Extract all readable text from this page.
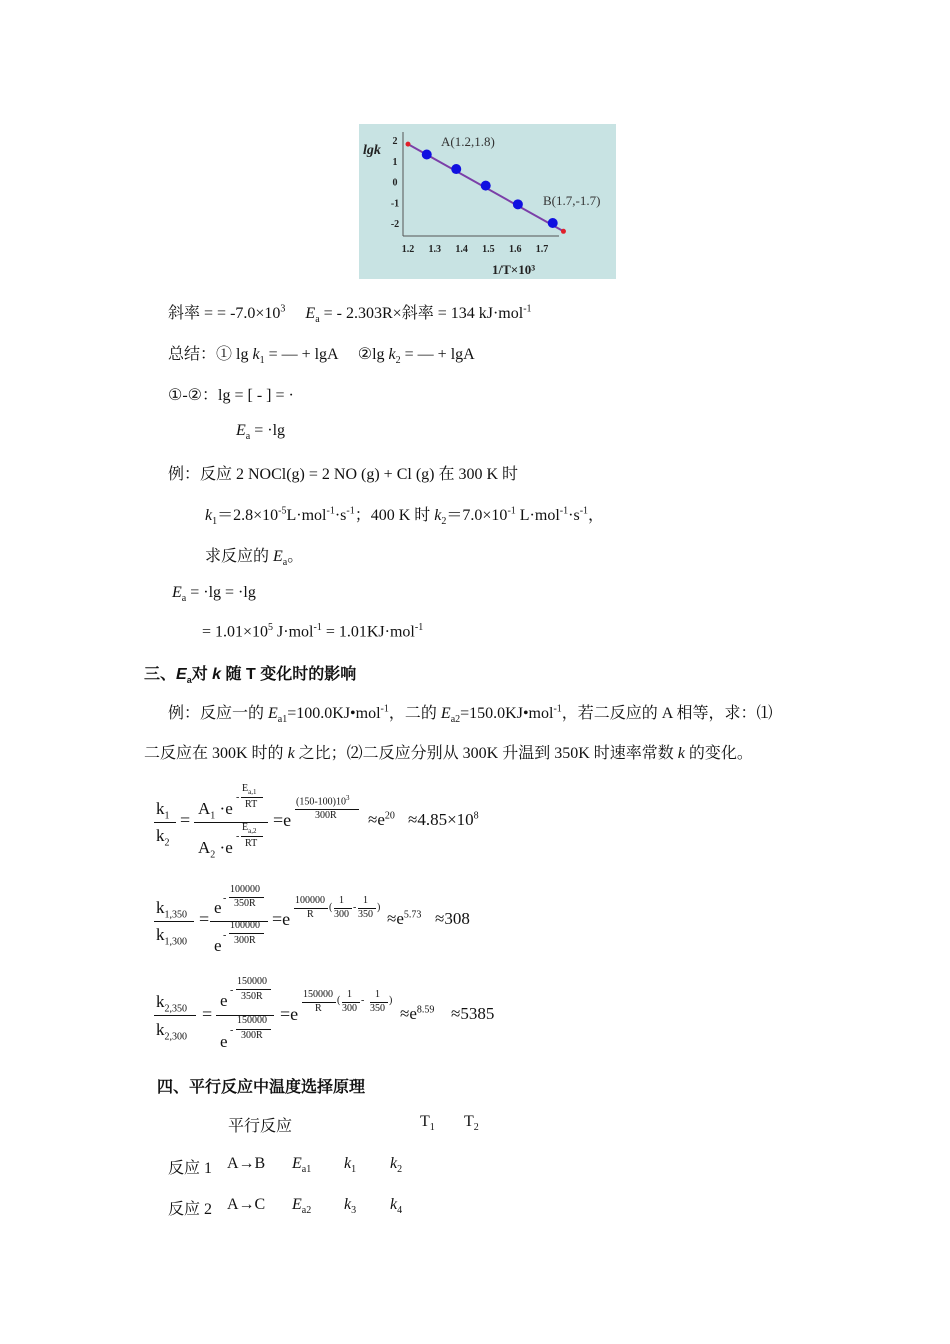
2
1
0
-1
-2
1.2 1.3 1.4 1.5 1.6 1.7
lgk
1/T×10³
A(1.2,1.8)
B(1.7,-1.7)
斜率 = = $-7.0\times 10^3$ $E_a$ = - 2.303R×斜率 = 134 kJ·mol$^{-1}$
总结：① $\lg k_1$ = — + lgA ②lg $k_2$ = — + lgA
①-②：lg = [ - ] = ·
$E_a = \cdot\lg$
例：反应 2 NOCl(g) = 2 NO (g) + Cl (g) 在 300 K 时
$k_1=2.8\times 10^{-5}L\cdot mol^{-1}\cdot s^{-1}$；400 K 时 $k_2=7.0\times 10^{-1}$ $L\cdot mol^{-1}\cdot s^{-1}$，
求反应的 $E_a$。
$E_a = \cdot\lg = \cdot\lg$
= $1.01\times 10^5$ J·mol$^{-1}$ = 1.01KJ·mol$^{-1}$
三、$E_a$对 k 随 T 变化时的影响
例：反应一的 $E_{a1}=100.0KJ•mol^{-1}$，二的 $E_{a2}=150.0KJ•mol^{-1}$，若二反应的 A 相等，求：⑴
二反应在 300K 时的 k 之比；⑵二反应分别从 300K 升温到 350K 时速率常数 k 的变化。
$k_1$
$k_2$
=
$A_1 \cdot e$
-
$E_{a,1}$
RT
$A_2 \cdot e$
-
$E_{a,2}$
RT
=e
$(150-100)10^3$
$300R \approx e^{20} \approx 4.85\times 10^8$
$k_{1,350}$
$k_{1,300}$
=
e -
100000
350R
e
-
100000
300R
=e
100000
R
(
1
300
-
1
350
)
$\approx e^{5.73} \approx 308$
$k_{2,350}$
$k_{2,300}$
=
e
-
150000
350R
e
-
150000
300R
=e
150000
R
(
1
300
-
1
350
)
$\approx e^{8.59} \approx 5385$
四、平行反应中温度选择原理
平行反应	$T_1$ $T_2$
反应 1 A→B $E_{a1}$ $k_1$ $k_2$
反应 2 A→C $E_{a2}$ $k_3$ $k_4$
